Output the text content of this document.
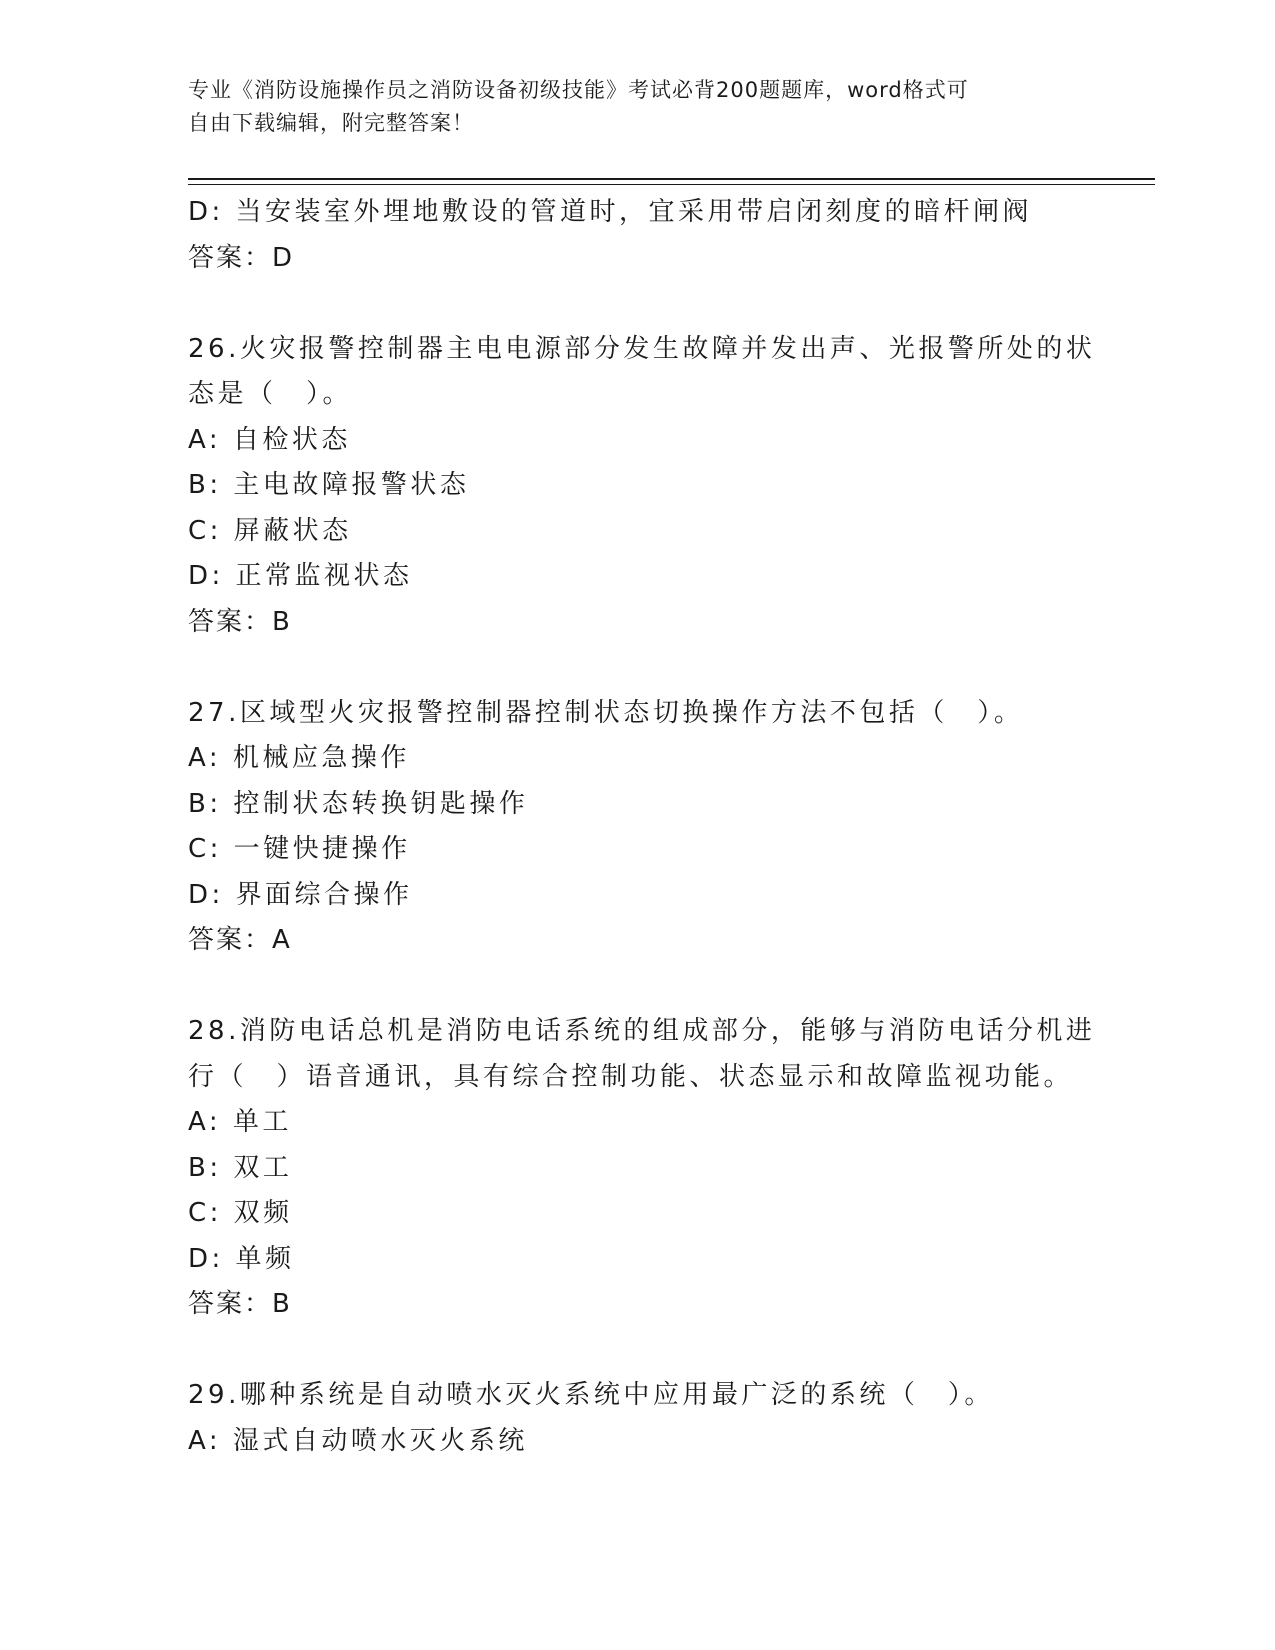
专业《消防设施操作员之消防设备初级技能》考试必背200题题库，word格式可
自由下载编辑，附完整答案！
D: 当安装室外埋地敷设的管道时，宜采用带启闭刻度的暗杆闸阀
答案：D
26.火灾报警控制器主电电源部分发生故障并发出声、光报警所处的状
态是（　）。
A: 自检状态
B: 主电故障报警状态
C: 屏蔽状态
D: 正常监视状态
答案：B
27.区域型火灾报警控制器控制状态切换操作方法不包括（　）。
A: 机械应急操作
B: 控制状态转换钥匙操作
C: 一键快捷操作
D: 界面综合操作
答案：A
28.消防电话总机是消防电话系统的组成部分，能够与消防电话分机进
行（　）语音通讯，具有综合控制功能、状态显示和故障监视功能。
A: 单工
B: 双工
C: 双频
D: 单频
答案：B
29.哪种系统是自动喷水灭火系统中应用最广泛的系统（　）。
A: 湿式自动喷水灭火系统
